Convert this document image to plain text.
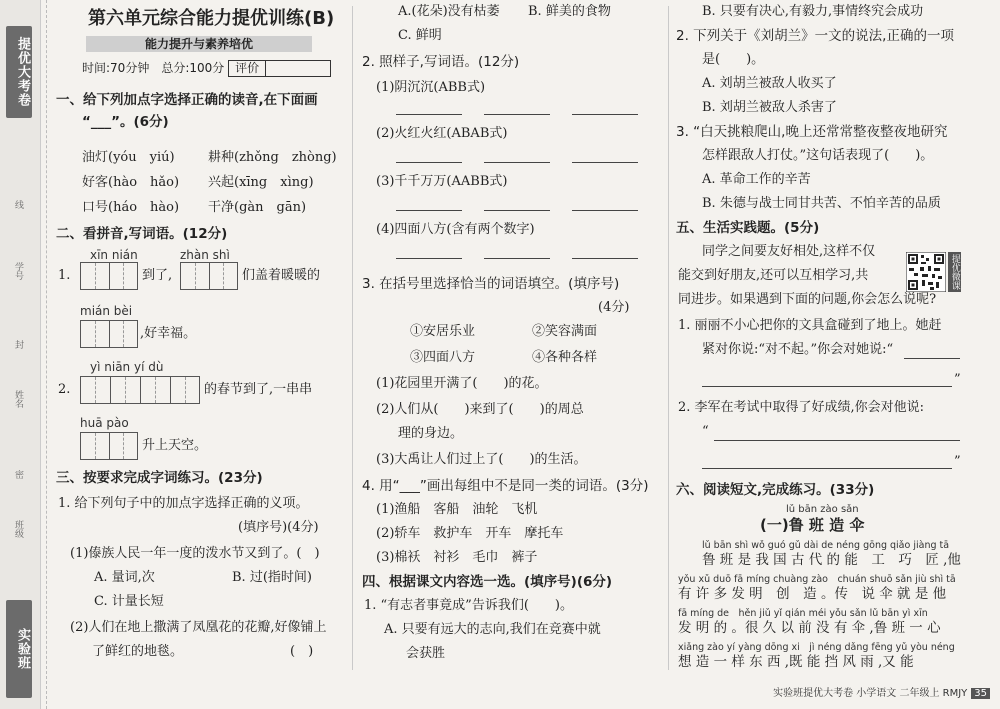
提优大考卷
学号
封
姓名
线
密
班级
实验班
第六单元综合能力提优训练(B)
能力提升与素养培优
时间:70分钟　总分:100分 评价
一、给下列加点字选择正确的读音,在下面画
“___”。(6分)
油灯(yóu　yiú)	耕种(zhǒng　zhòng)
好客(hào　hǎo) 兴起(xīng　xìng)
口号(háo　hào) 干净(gàn　gān)
二、看拼音,写词语。(12分)
xīn nián	zhàn shì
1.	到了,	们盖着暖暖的
mián bèi
,好幸福。
yì niān yí dù
2.	的春节到了,一串串
huā pào
升上天空。
三、按要求完成字词练习。(23分)
1. 给下列句子中的加点字选择正确的义项。
(填序号)(4分)
(1)傣族人民一年一度的泼水节又到了。(　)
A. 量词,次	B. 过(指时间)
C. 计量长短
(2)人们在地上撒满了凤凰花的花瓣,好像铺上
了鲜红的地毯。	(　)
A.(花朵)没有枯萎 B. 鲜美的食物
C. 鲜明
2. 照样子,写词语。(12分)
(1)阴沉沉(ABB式)
(2)火红火红(ABAB式)
(3)千千万万(AABB式)
(4)四面八方(含有两个数字)
3. 在括号里选择恰当的词语填空。(填序号)
(4分)
①安居乐业	②笑容满面
③四面八方	④各种各样
(1)花园里开满了(　　)的花。
(2)人们从(　　)来到了(　　)的周总
理的身边。
(3)大禹让人们过上了(　　)的生活。
4. 用“___”画出每组中不是同一类的词语。(3分)
(1)渔船　客船　油轮　飞机
(2)轿车　救护车　开车　摩托车
(3)棉袄　衬衫　毛巾　裤子
四、根据课文内容选一选。(填序号)(6分)
1. “有志者事竟成”告诉我们(　　)。
A. 只要有远大的志向,我们在竞赛中就
会获胜
B. 只要有决心,有毅力,事情终究会成功
2. 下列关于《刘胡兰》一文的说法,正确的一项
是(　　)。
A. 刘胡兰被敌人收买了
B. 刘胡兰被敌人杀害了
3. “白天挑粮爬山,晚上还常常整夜整夜地研究
怎样跟敌人打仗。”这句话表现了(　　)。
A. 革命工作的辛苦
B. 朱德与战士同甘共苦、不怕辛苦的品质
五、生活实践题。(5分)
同学之间要友好相处,这样不仅
能交到好朋友,还可以互相学习,共
同进步。如果遇到下面的问题,你会怎么说呢?
提优微课
1. 丽丽不小心把你的文具盒碰到了地上。她赶
紧对你说:“对不起。”你会对她说:“
”
2. 李军在考试中取得了好成绩,你会对他说:
“
”
六、阅读短文,完成练习。(33分)
lǔ bān zào sǎn
(一)鲁 班 造 伞
lǔ bān shì wǒ guó gǔ dài de néng gōng qiǎo jiàng tā
鲁 班 是 我 国 古 代 的 能　工　巧　匠 ,他
yǒu xǔ duō fā míng chuàng zào　chuán shuō sǎn jiù shì tā
有 许 多 发 明　创　造 。传　说 伞 就 是 他
fā míng de　hěn jiǔ yǐ qián méi yǒu sǎn lǔ bān yì xīn
发 明 的 。很 久 以 前 没 有 伞 ,鲁 班 一 心
xiǎng zào yí yàng dōng xi　jì néng dǎng fēng yǔ yòu néng
想 造 一 样 东 西 ,既 能 挡 风 雨 ,又 能
实验班提优大考卷 小学语文 二年级上 RMJY 35
